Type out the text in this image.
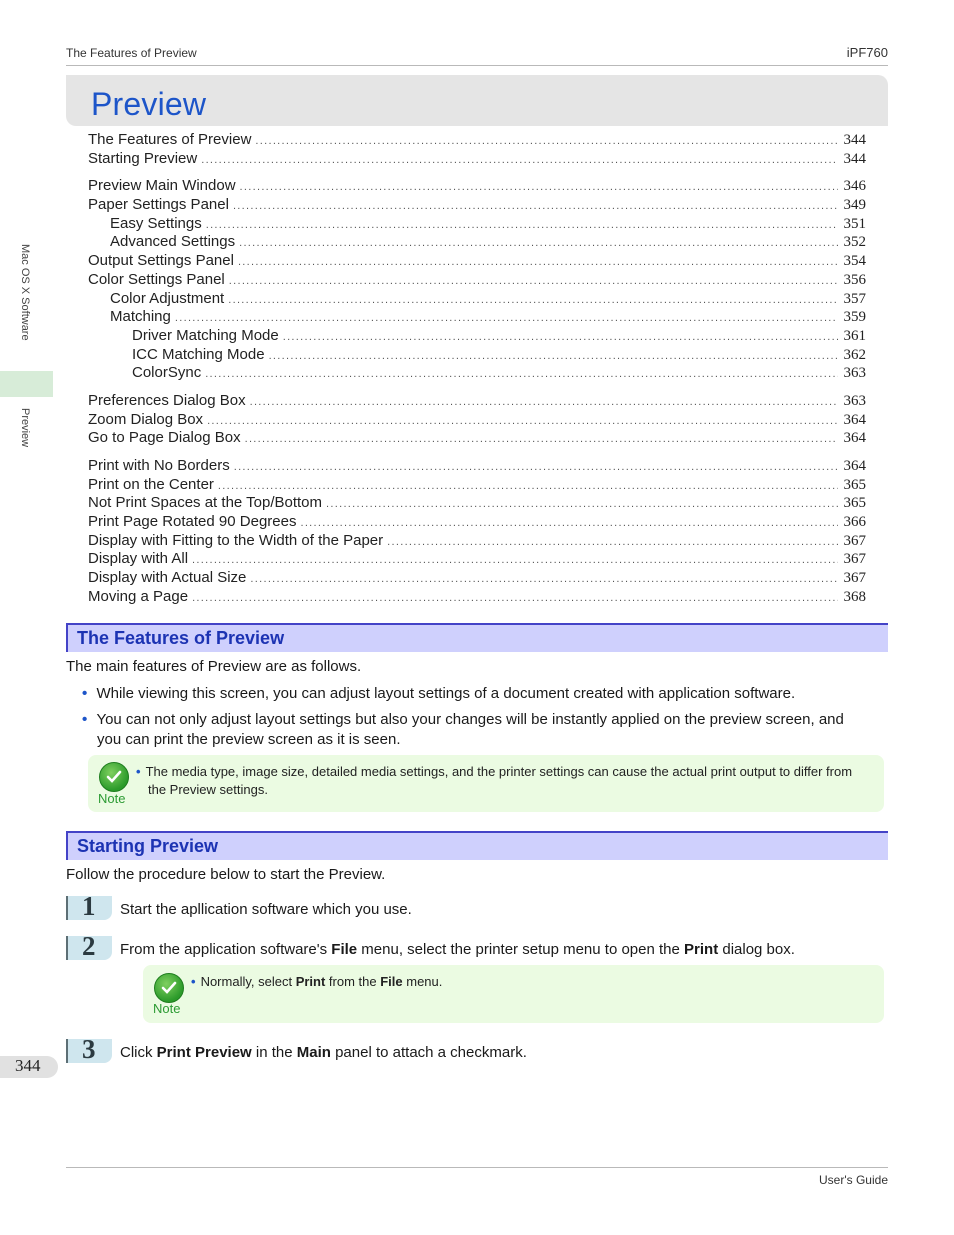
The Features of Preview	iPF760
Mac OS X Software
Preview
Preview
The Features of Preview .....	344
Starting Preview .....	344
Preview Main Window .....	346
Paper Settings Panel .....	349
Easy Settings .....	351
Advanced Settings .....	352
Output Settings Panel .....	354
Color Settings Panel .....	356
Color Adjustment .....	357
Matching .....	359
Driver Matching Mode .....	361
ICC Matching Mode .....	362
ColorSync .....	363
Preferences Dialog Box .....	363
Zoom Dialog Box .....	364
Go to Page Dialog Box .....	364
Print with No Borders .....	364
Print on the Center .....	365
Not Print Spaces at the Top/Bottom .....	365
Print Page Rotated 90 Degrees .....	366
Display with Fitting to the Width of the Paper .....	367
Display with All .....	367
Display with Actual Size .....	367
Moving a Page .....	368
The Features of Preview
The main features of Preview are as follows.
• While viewing this screen, you can adjust layout settings of a document created with application software.
• You can not only adjust layout settings but also your changes will be instantly applied on the preview screen, and
you can print the preview screen as it is seen.
Note
• The media type, image size, detailed media settings, and the printer settings can cause the actual print output to differ from
the Preview settings.
Starting Preview
Follow the procedure below to start the Preview.
1 Start the apllication software which you use.
2 From the application software's File menu, select the printer setup menu to open the Print dialog box.
Note
• Normally, select Print from the File menu.
3 Click Print Preview in the Main panel to attach a checkmark.
344
User's Guide
